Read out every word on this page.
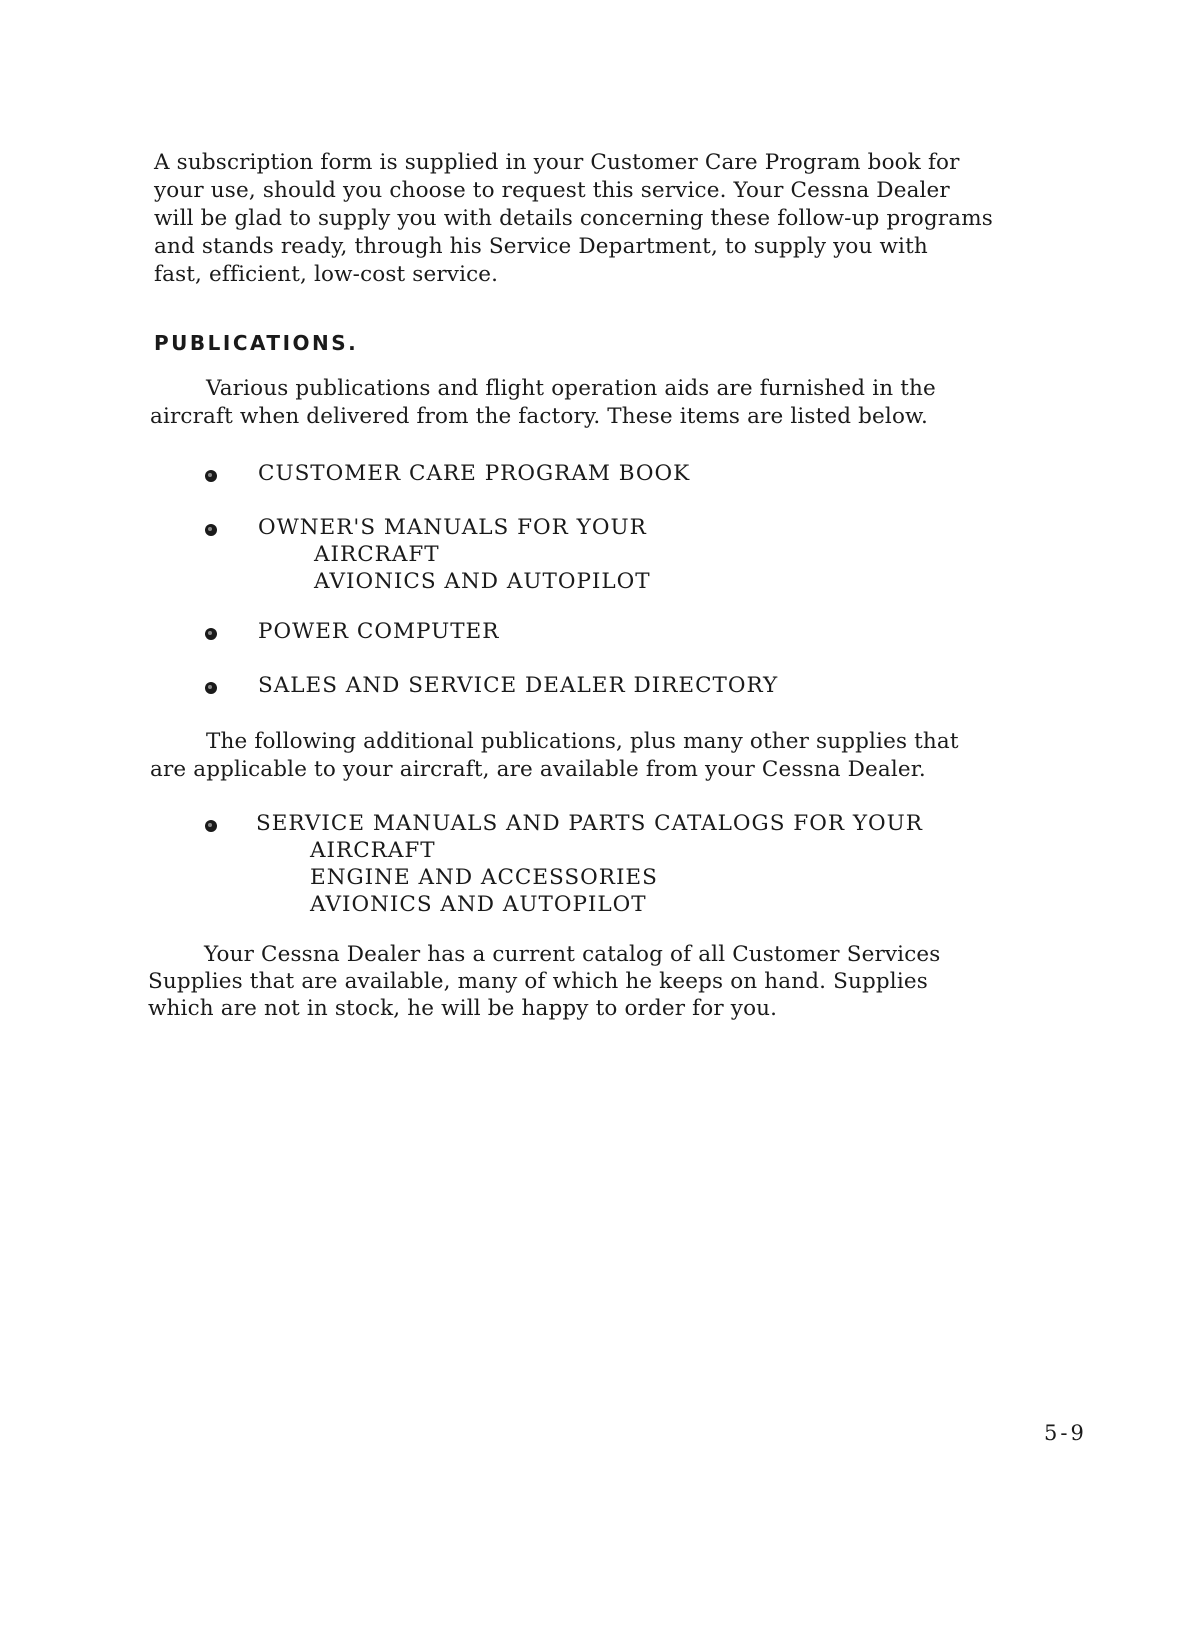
A subscription form is supplied in your Customer Care Program book for
your use, should you choose to request this service. Your Cessna Dealer
will be glad to supply you with details concerning these follow-up programs
and stands ready, through his Service Department, to supply you with
fast, efficient, low-cost service.
PUBLICATIONS.
Various publications and flight operation aids are furnished in the
aircraft when delivered from the factory. These items are listed below.
CUSTOMER CARE PROGRAM BOOK
OWNER'S MANUALS FOR YOUR
AIRCRAFT
AVIONICS AND AUTOPILOT
POWER COMPUTER
SALES AND SERVICE DEALER DIRECTORY
The following additional publications, plus many other supplies that
are applicable to your aircraft, are available from your Cessna Dealer.
SERVICE MANUALS AND PARTS CATALOGS FOR YOUR
AIRCRAFT
ENGINE AND ACCESSORIES
AVIONICS AND AUTOPILOT
Your Cessna Dealer has a current catalog of all Customer Services
Supplies that are available, many of which he keeps on hand. Supplies
which are not in stock, he will be happy to order for you.
5-9
